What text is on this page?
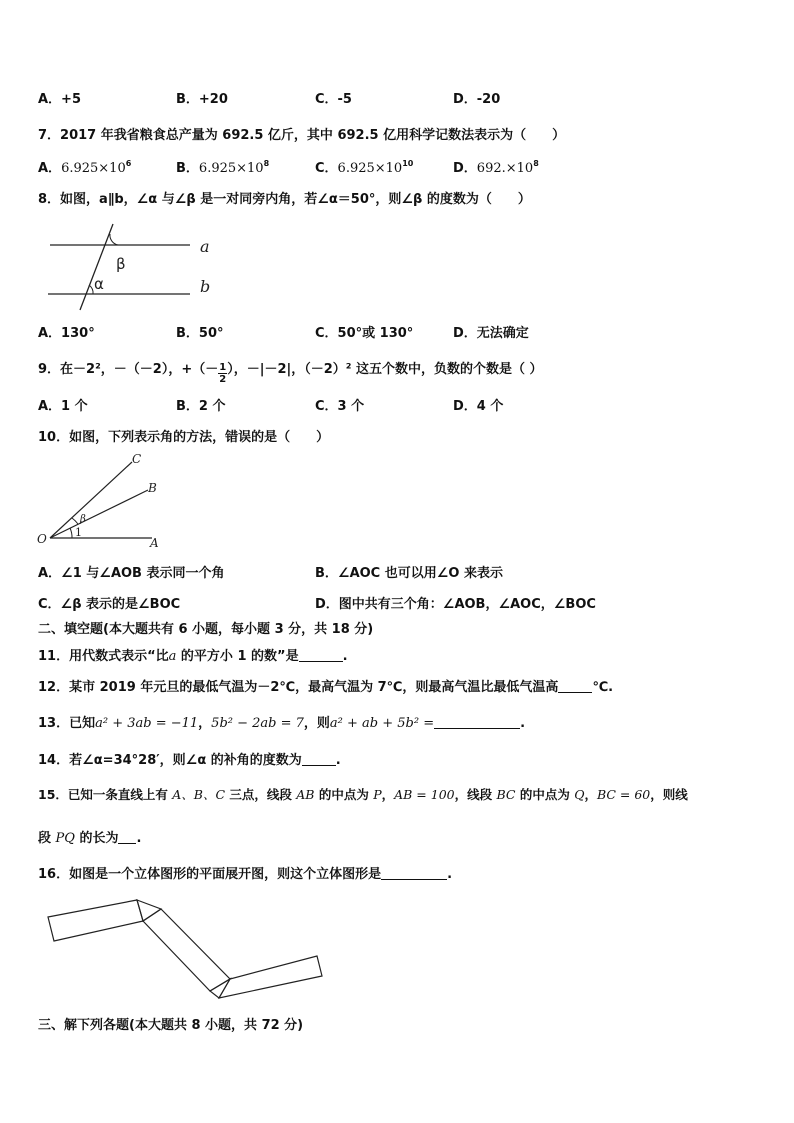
A．+5	B．+20	C．-5	D．-20
7．2017 年我省粮食总产量为 692.5 亿斤，其中 692.5 亿用科学记数法表示为（　　）
A．$6.925\times 10^6$	B．$6.925\times 10^8$	C．$6.925\times 10^{10}$	D．$692.\times 10^8$
8．如图，a∥b，∠α 与∠β 是一对同旁内角，若∠α＝50°，则∠β 的度数为（　　）
a
b
β
α
A．130°	B．50°	C．50°或 130°	D．无法确定
9．在－2²，－（－2），+（－ $\frac{1}{2}$ ），－|－2|，（－2）² 这五个数中，负数的个数是（ ）
A．1 个	B．2 个	C．3 个	D．4 个
10．如图，下列表示角的方法，错误的是（　　）
C
B
O	A
β
1
A．∠1 与∠AOB 表示同一个角	B．∠AOC 也可以用∠O 来表示
C．∠β 表示的是∠BOC	D．图中共有三个角：∠AOB，∠AOC，∠BOC
二、填空题(本大题共有 6 小题，每小题 3 分，共 18 分)
11．用代数式表示“比a 的平方小 1 的数”是	.
12．某市 2019 年元旦的最低气温为－2℃，最高气温为 7℃，则最高气温比最低气温高	℃.
13．已知a² + 3ab = −11，5b² − 2ab = 7，则a² + ab + 5b² =	.
14．若∠α=34°28′，则∠α 的补角的度数为	.
15．已知一条直线上有 A、B、C 三点，线段 AB 的中点为 P，AB = 100，线段 BC 的中点为 Q，BC = 60，则线
段 PQ 的长为 .
16．如图是一个立体图形的平面展开图，则这个立体图形是	.
三、解下列各题(本大题共 8 小题，共 72 分)
